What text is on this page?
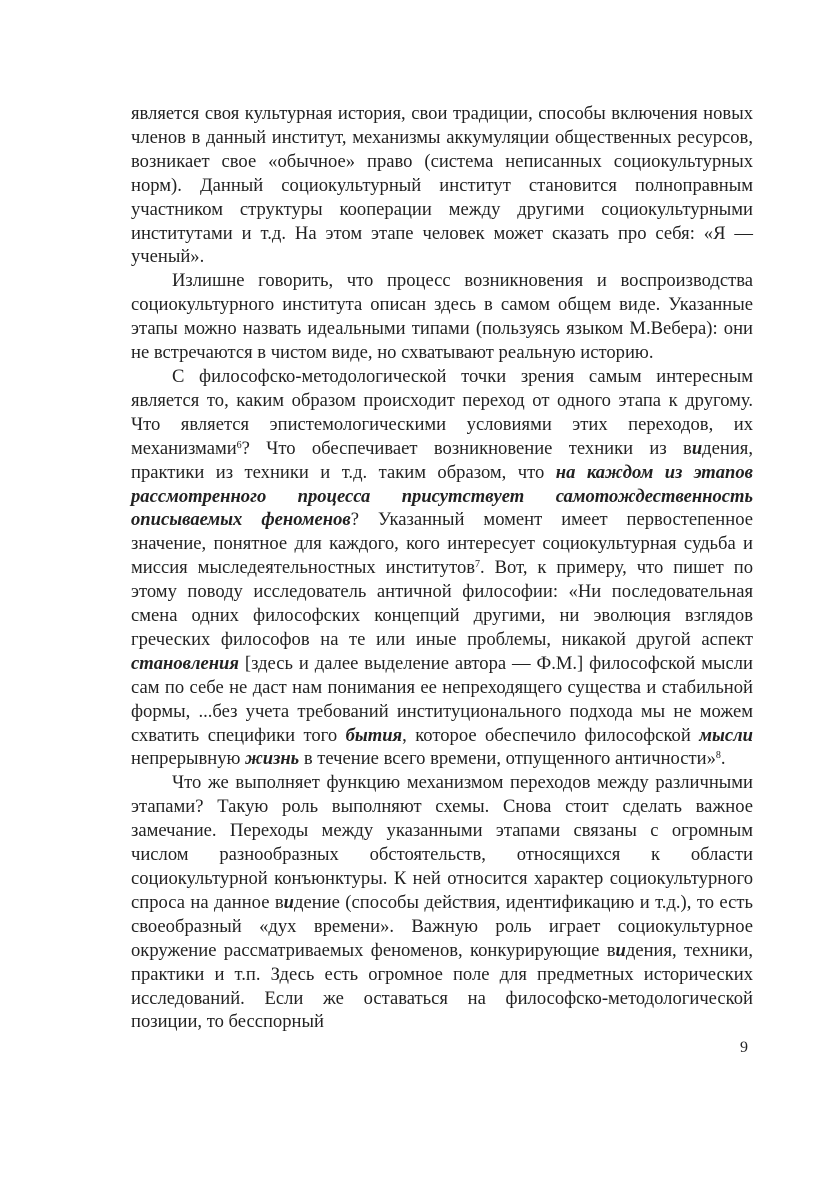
является своя культурная история, свои традиции, способы включения новых членов в данный институт, механизмы аккумуляции общественных ресурсов, возникает свое «обычное» право (система неписанных социокультурных норм). Данный социокультурный институт становится полноправным участником структуры кооперации между другими социокультурными институтами и т.д. На этом этапе человек может сказать про себя: «Я — ученый».

Излишне говорить, что процесс возникновения и воспроизводства социокультурного института описан здесь в самом общем виде. Указанные этапы можно назвать идеальными типами (пользуясь языком М.Вебера): они не встречаются в чистом виде, но схватывают реальную историю.

С философско-методологической точки зрения самым интересным является то, каким образом происходит переход от одного этапа к другому. Что является эпистемологическими условиями этих переходов, их механизмами$^6$? Что обеспечивает возникновение техники из видения, практики из техники и т.д. таким образом, что на каждом из этапов рассмотренного процесса присутствует самотождественность описываемых феноменов? Указанный момент имеет первостепенное значение, понятное для каждого, кого интересует социокультурная судьба и миссия мыследеятельностных институтов$^7$. Вот, к примеру, что пишет по этому поводу исследователь античной философии: «Ни последовательная смена одних философских концепций другими, ни эволюция взглядов греческих философов на те или иные проблемы, никакой другой аспект становления [здесь и далее выделение автора — Ф.М.] философской мысли сам по себе не даст нам понимания ее непреходящего существа и стабильной формы, ...без учета требований институционального подхода мы не можем схватить специфики того бытия, которое обеспечило философской мысли непрерывную жизнь в течение всего времени, отпущенного античности»$^8$.

Что же выполняет функцию механизмом переходов между различными этапами? Такую роль выполняют схемы. Снова стоит сделать важное замечание. Переходы между указанными этапами связаны с огромным числом разнообразных обстоятельств, относящихся к области социокультурной конъюнктуры. К ней относится характер социокультурного спроса на данное видение (способы действия, идентификацию и т.д.), то есть своеобразный «дух времени». Важную роль играет социокультурное окружение рассматриваемых феноменов, конкурирующие видения, техники, практики и т.п. Здесь есть огромное поле для предметных исторических исследований. Если же оставаться на философско-методологической позиции, то бесспорный

9
